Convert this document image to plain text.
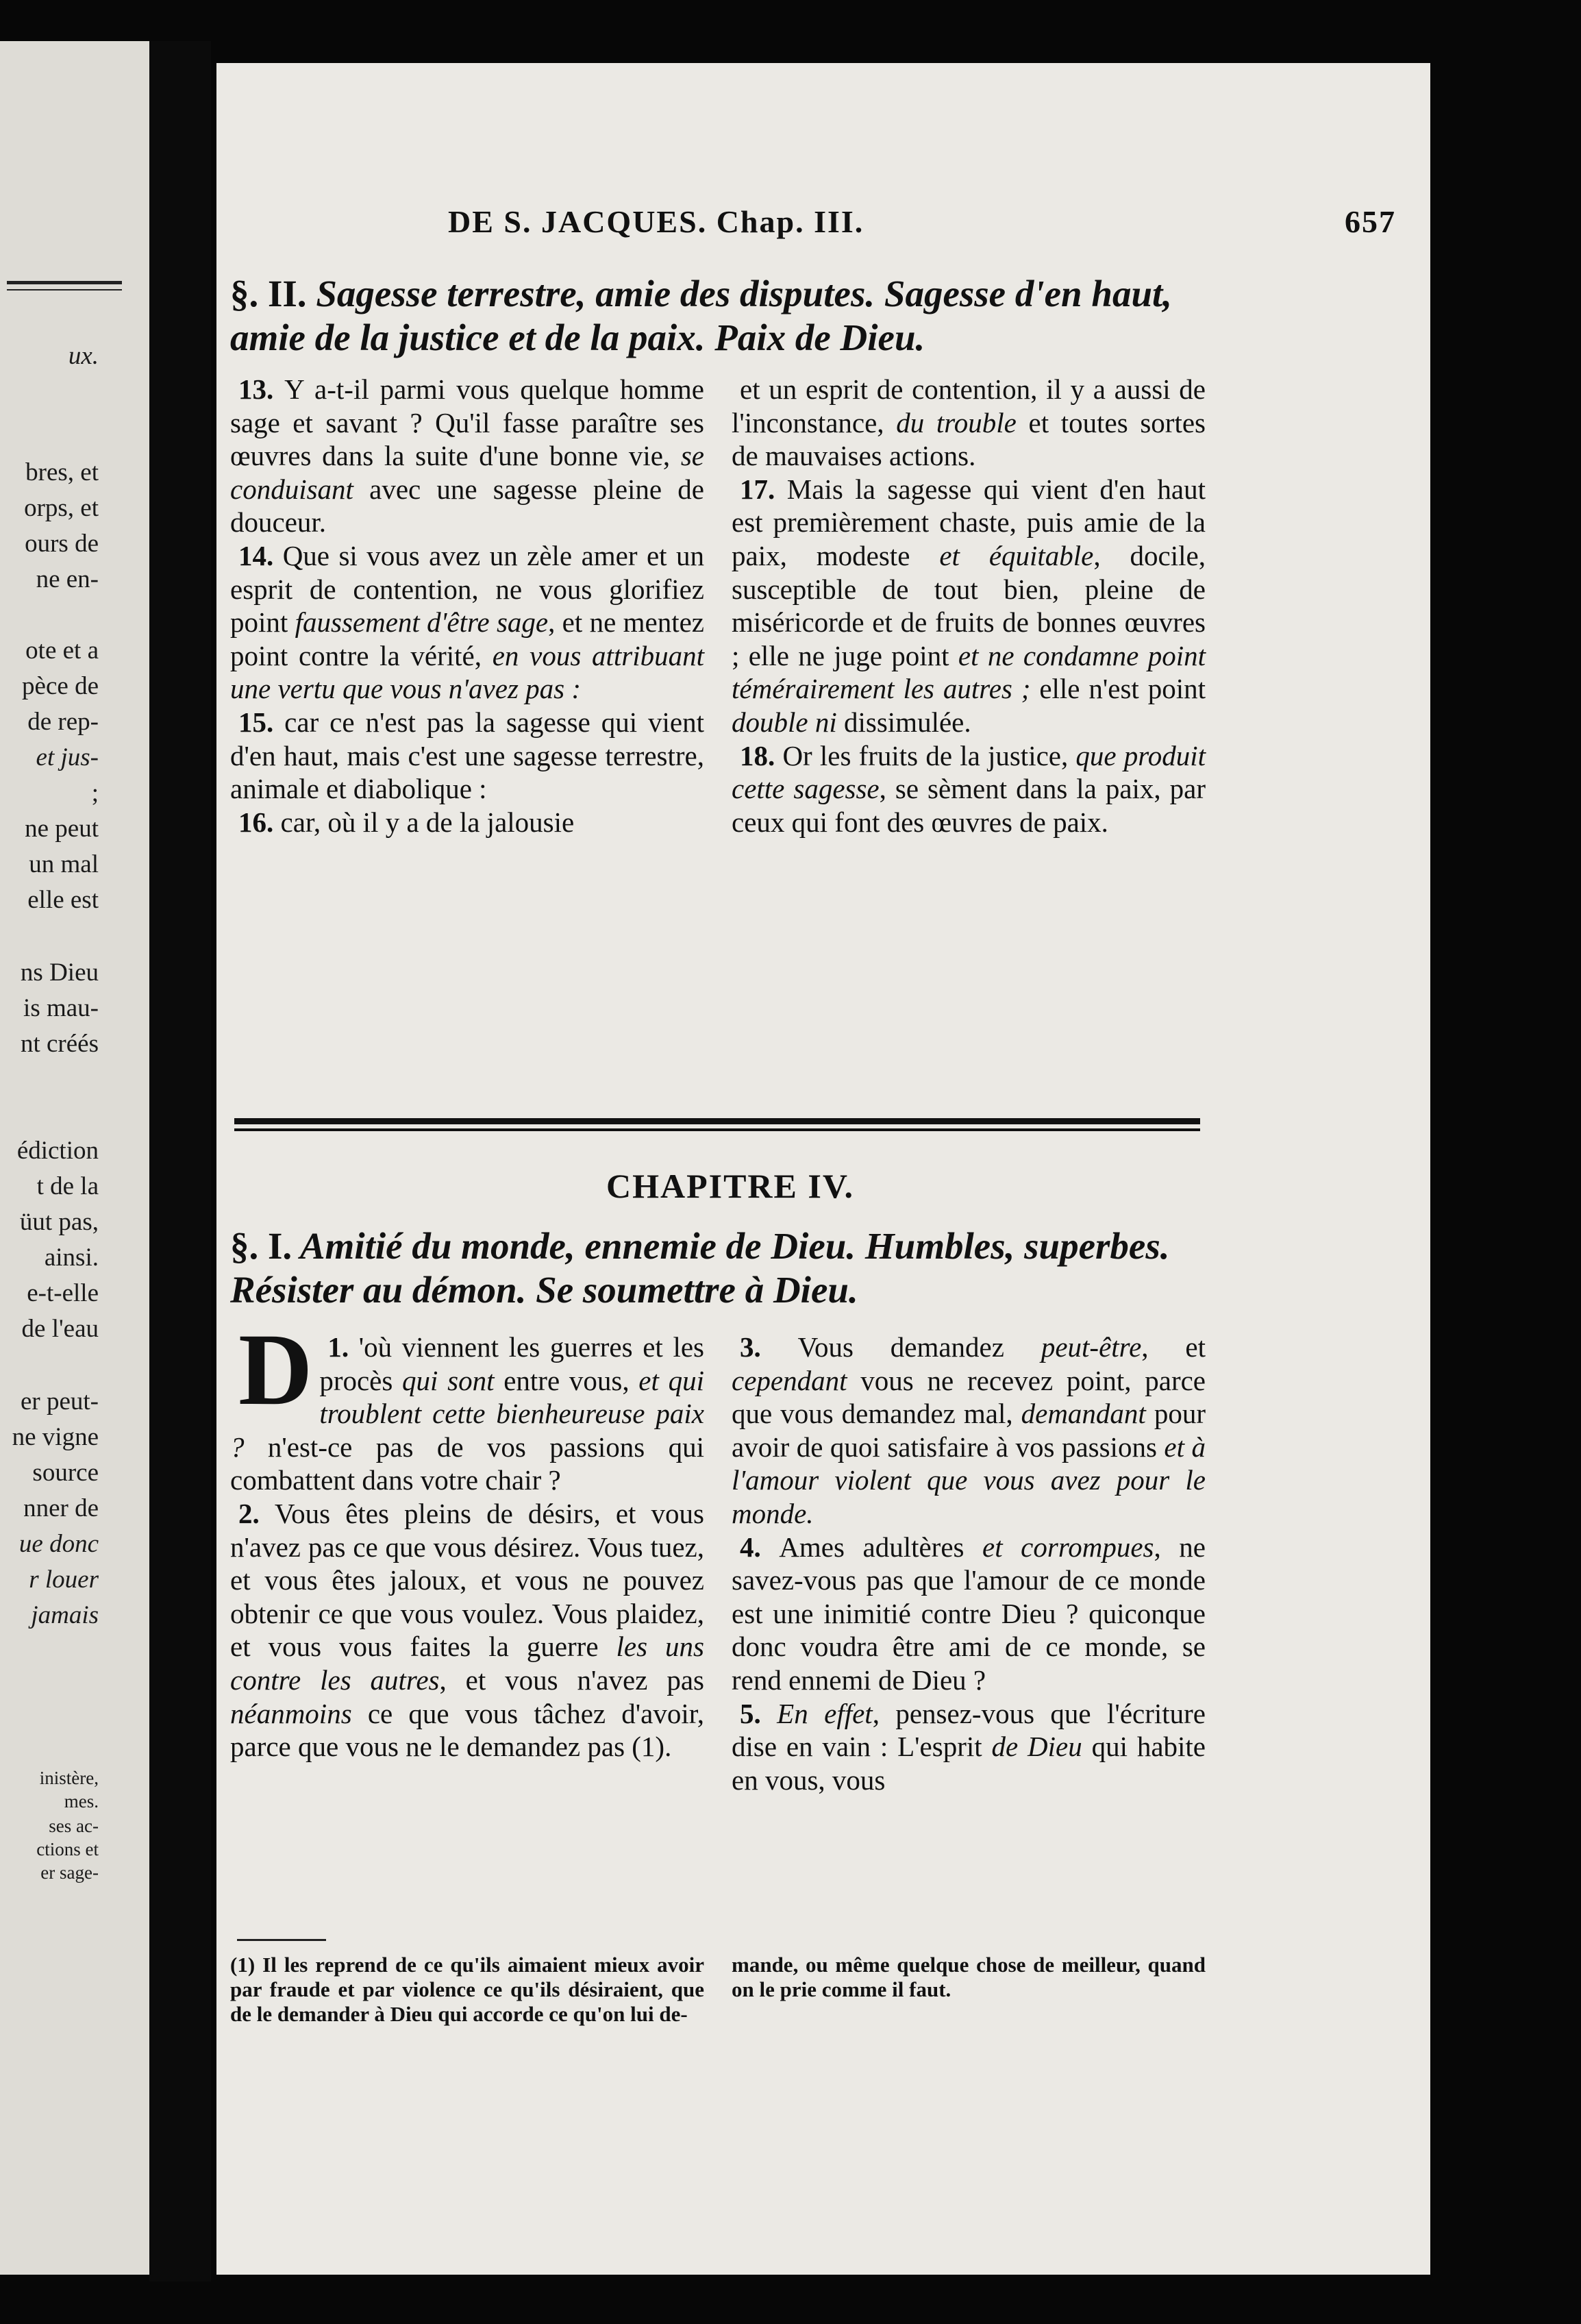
ux.
bres, et
orps, et
ours de
ne en-
ote et a
pèce de
de rep-
et jus-
;
ne peut
un mal
elle est
ns Dieu
is mau-
nt créés
édiction
t de la
üut pas,
ainsi.
e-t-elle
de l'eau
er peut-
ne vigne
source
nner de
ue donc
r louer
jamais
inistère,
mes.
ses ac-
ctions et
er sage-
DE S. JACQUES. Chap. III.	657
§. II. Sagesse terrestre, amie des disputes. Sagesse d'en haut, amie de la justice et de la paix. Paix de Dieu.

13. Y a-t-il parmi vous quelque homme sage et savant ? Qu'il fasse paraître ses œuvres dans la suite d'une bonne vie, se conduisant avec une sagesse pleine de douceur.

14. Que si vous avez un zèle amer et un esprit de contention, ne vous glorifiez point faussement d'être sage, et ne mentez point contre la vérité, en vous attribuant une vertu que vous n'avez pas :

15. car ce n'est pas la sagesse qui vient d'en haut, mais c'est une sagesse terrestre, animale et diabolique :

16. car, où il y a de la jalousie

et un esprit de contention, il y a aussi de l'inconstance, du trouble et toutes sortes de mauvaises actions.

17. Mais la sagesse qui vient d'en haut est premièrement chaste, puis amie de la paix, modeste et équitable, docile, susceptible de tout bien, pleine de miséricorde et de fruits de bonnes œuvres ; elle ne juge point et ne condamne point témérairement les autres ; elle n'est point double ni dissimulée.

18. Or les fruits de la justice, que produit cette sagesse, se sèment dans la paix, par ceux qui font des œuvres de paix.

CHAPITRE IV.
§. I. Amitié du monde, ennemie de Dieu. Humbles, superbes. Résister au démon. Se soumettre à Dieu.

1.
D 'où viennent les guerres et les procès qui sont entre vous, et qui troublent cette bienheureuse paix ? n'est-ce pas de vos passions qui combattent dans votre chair ?

2. Vous êtes pleins de désirs, et vous n'avez pas ce que vous désirez. Vous tuez, et vous êtes jaloux, et vous ne pouvez obtenir ce que vous voulez. Vous plaidez, et vous vous faites la guerre les uns contre les autres, et vous n'avez pas néanmoins ce que vous tâchez d'avoir, parce que vous ne le demandez pas (1).

3. Vous demandez peut-être, et cependant vous ne recevez point, parce que vous demandez mal, demandant pour avoir de quoi satisfaire à vos passions et à l'amour violent que vous avez pour le monde.

4. Ames adultères et corrompues, ne savez-vous pas que l'amour de ce monde est une inimitié contre Dieu ? quiconque donc voudra être ami de ce monde, se rend ennemi de Dieu ?

5. En effet, pensez-vous que l'écriture dise en vain : L'esprit de Dieu qui habite en vous, vous

(1) Il les reprend de ce qu'ils aimaient mieux avoir par fraude et par violence ce qu'ils désiraient, que de le demander à Dieu qui accorde ce qu'on lui de-
mande, ou même quelque chose de meilleur, quand on le prie comme il faut.
